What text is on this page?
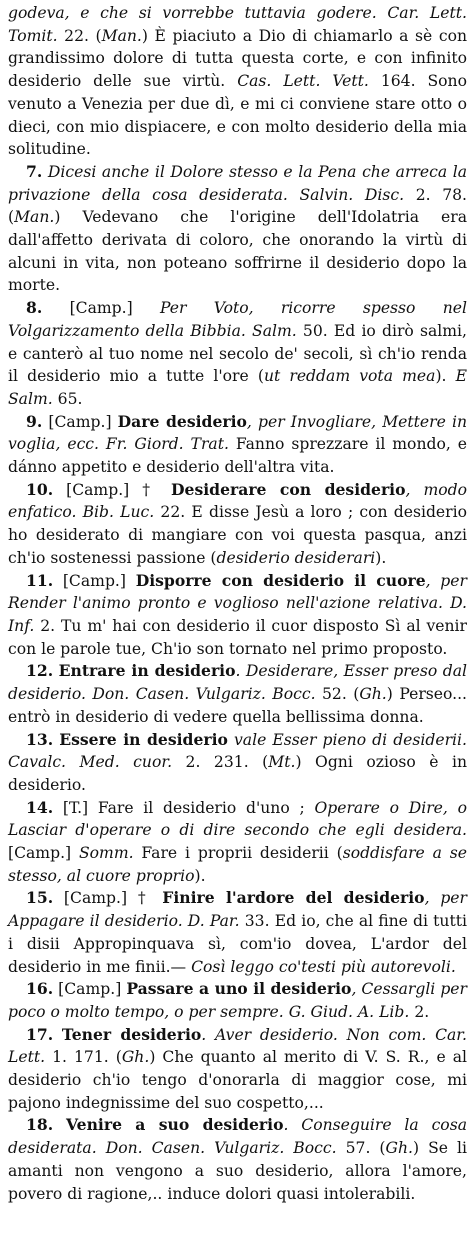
godeva, e che si vorrebbe tuttavia godere. Car. Lett. Tomit. 22. (Man.) È piaciuto a Dio di chiamarlo a sè con grandissimo dolore di tutta questa corte, e con infinito desiderio delle sue virtù. Cas. Lett. Vett. 164. Sono venuto a Venezia per due dì, e mi ci conviene stare otto o dieci, con mio dispiacere, e con molto desiderio della mia solitudine.

7. Dicesi anche il Dolore stesso e la Pena che arreca la privazione della cosa desiderata. Salvin. Disc. 2. 78. (Man.) Vedevano che l'origine dell'Idolatria era dall'affetto derivata di coloro, che onorando la virtù di alcuni in vita, non poteano soffrirne il desiderio dopo la morte.

8. [Camp.] Per Voto, ricorre spesso nel Volgarizzamento della Bibbia. Salm. 50. Ed io dirò salmi, e canterò al tuo nome nel secolo de' secoli, sì ch'io renda il desiderio mio a tutte l'ore (ut reddam vota mea). E Salm. 65.

9. [Camp.] Dare desiderio, per Invogliare, Mettere in voglia, ecc. Fr. Giord. Trat. Fanno sprezzare il mondo, e dánno appetito e desiderio dell'altra vita.

10. [Camp.] † Desiderare con desiderio, modo enfatico. Bib. Luc. 22. E disse Jesù a loro ; con desiderio ho desiderato di mangiare con voi questa pasqua, anzi ch'io sostenessi passione (desiderio desiderari).

11. [Camp.] Disporre con desiderio il cuore, per Render l'animo pronto e voglioso nell'azione relativa. D. Inf. 2. Tu m' hai con desiderio il cuor disposto Sì al venir con le parole tue, Ch'io son tornato nel primo proposto.

12. Entrare in desiderio. Desiderare, Esser preso dal desiderio. Don. Casen. Vulgariz. Bocc. 52. (Gh.) Perseo... entrò in desiderio di vedere quella bellissima donna.

13. Essere in desiderio vale Esser pieno di desiderii. Cavalc. Med. cuor. 2. 231. (Mt.) Ogni ozioso è in desiderio.

14. [T.] Fare il desiderio d'uno ; Operare o Dire, o Lasciar d'operare o di dire secondo che egli desidera. [Camp.] Somm. Fare i proprii desiderii (soddisfare a se stesso, al cuore proprio).

15. [Camp.] † Finire l'ardore del desiderio, per Appagare il desiderio. D. Par. 33. Ed io, che al fine di tutti i disii Appropinquava sì, com'io dovea, L'ardor del desiderio in me finii.— Così leggo co'testi più autorevoli.

16. [Camp.] Passare a uno il desiderio, Cessargli per poco o molto tempo, o per sempre. G. Giud. A. Lib. 2.

17. Tener desiderio. Aver desiderio. Non com. Car. Lett. 1. 171. (Gh.) Che quanto al merito di V. S. R., e al desiderio ch'io tengo d'onorarla di maggior cose, mi pajono indegnissime del suo cospetto,...

18. Venire a suo desiderio. Conseguire la cosa desiderata. Don. Casen. Vulgariz. Bocc. 57. (Gh.) Se li amanti non vengono a suo desiderio, allora l'amore, povero di ragione,.. induce dolori quasi intolerabili.
